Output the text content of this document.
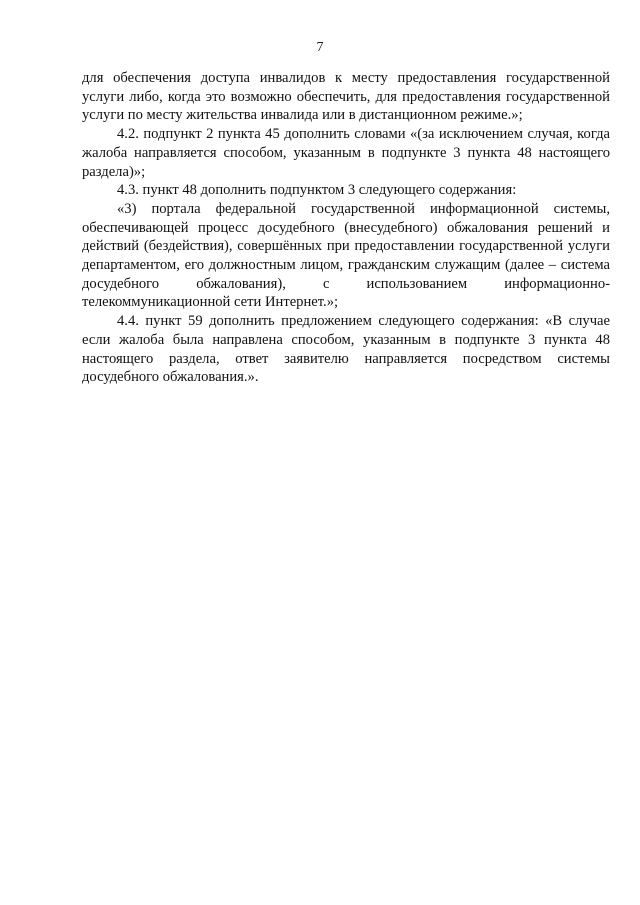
7

для обеспечения доступа инвалидов к месту предоставления государственной услуги либо, когда это возможно обеспечить, для предоставления государственной услуги по месту жительства инвалида или в дистанционном режиме.»;

4.2. подпункт 2 пункта 45 дополнить словами «(за исключением случая, когда жалоба направляется способом, указанным в подпункте 3 пункта 48 настоящего раздела)»;

4.3. пункт 48 дополнить подпунктом 3 следующего содержания:

«3) портала федеральной государственной информационной системы, обеспечивающей процесс досудебного (внесудебного) обжалования решений и действий (бездействия), совершённых при предоставлении государственной услуги департаментом, его должностным лицом, гражданским служащим (далее – система досудебного обжалования), с использованием информационно-телекоммуникационной сети Интернет.»;

4.4. пункт 59 дополнить предложением следующего содержания: «В случае если жалоба была направлена способом, указанным в подпункте 3 пункта 48 настоящего раздела, ответ заявителю направляется посредством системы досудебного обжалования.».
